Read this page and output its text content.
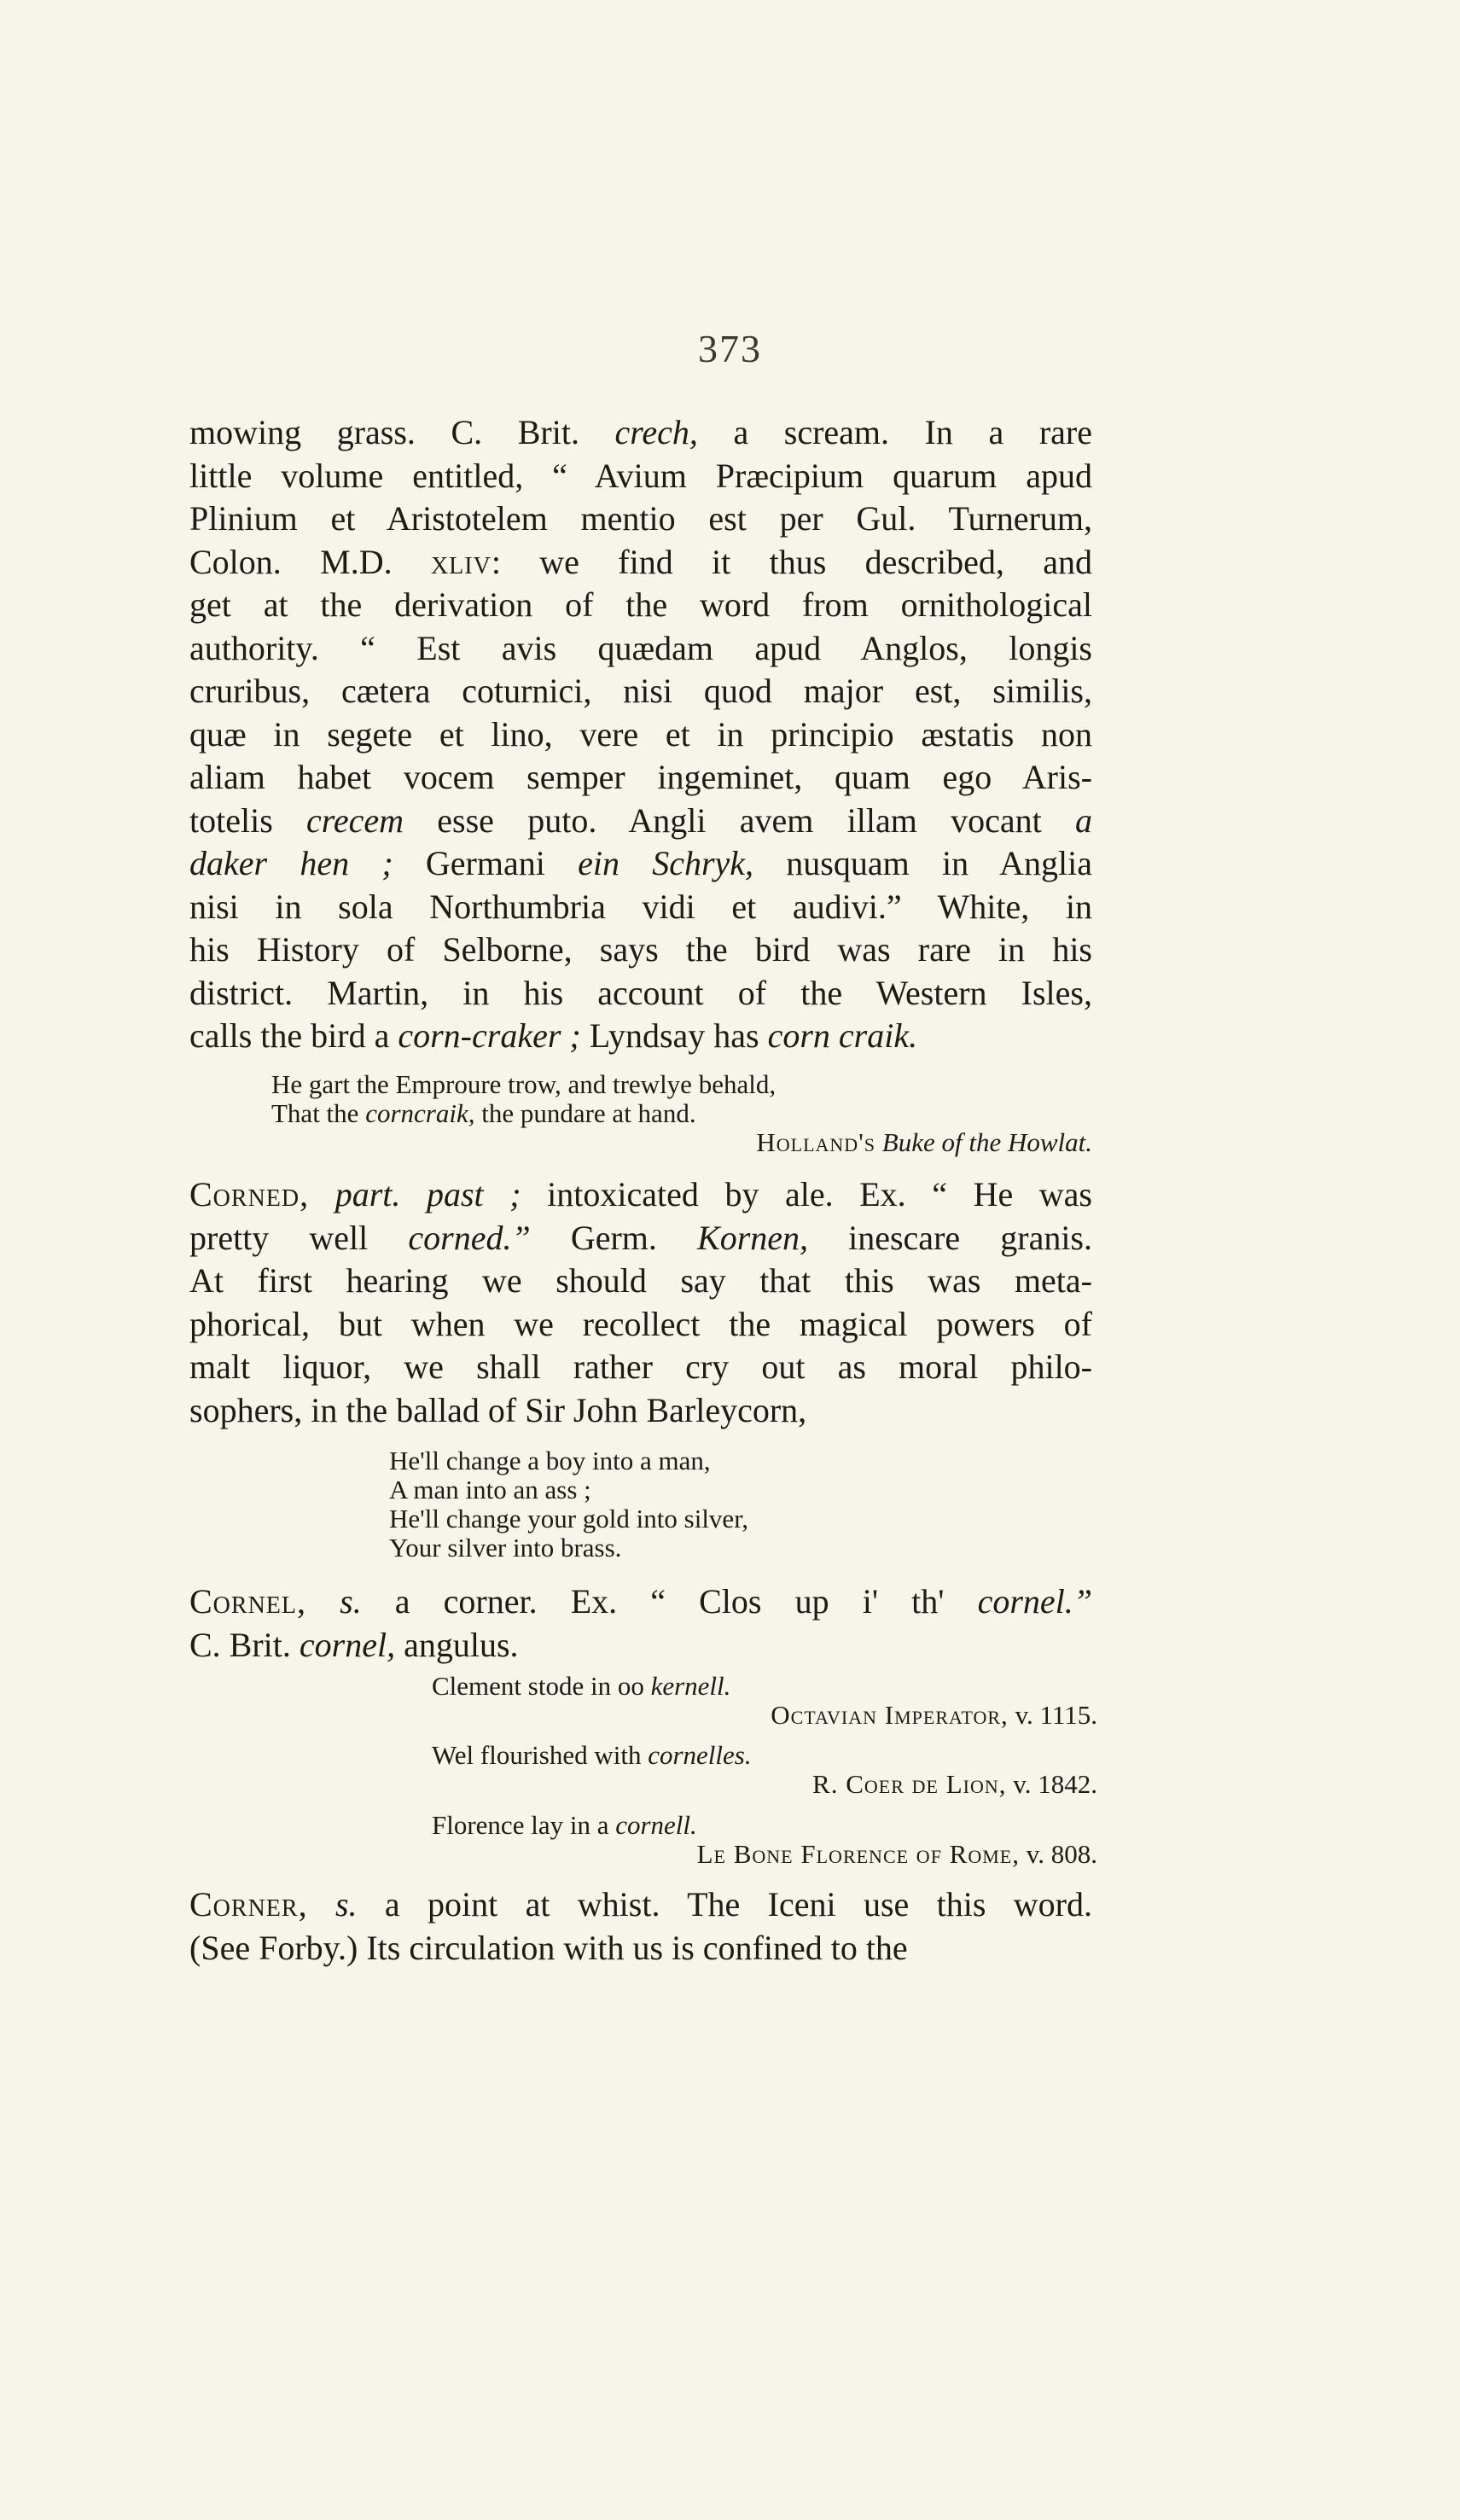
373

mowing grass. C. Brit. crech, a scream. In a rare

little volume entitled, “ Avium Præcipium quarum apud

Plinium et Aristotelem mentio est per Gul. Turnerum,

Colon. M.D. xliv: we find it thus described, and

get at the derivation of the word from ornithological

authority. “ Est avis quædam apud Anglos, longis

cruribus, cætera coturnici, nisi quod major est, similis,

quæ in segete et lino, vere et in principio æstatis non

aliam habet vocem semper ingeminet, quam ego Aris-

totelis crecem esse puto. Angli avem illam vocant a

daker hen ; Germani ein Schryk, nusquam in Anglia

nisi in sola Northumbria vidi et audivi.” White, in

his History of Selborne, says the bird was rare in his

district. Martin, in his account of the Western Isles,

calls the bird a corn-craker ; Lyndsay has corn craik.

He gart the Emproure trow, and trewlye behald,
That the corncraik, the pundare at hand.
Holland's Buke of the Howlat.

Corned, part. past ; intoxicated by ale. Ex. “ He was

pretty well corned.” Germ. Kornen, inescare granis.

At first hearing we should say that this was meta-

phorical, but when we recollect the magical powers of

malt liquor, we shall rather cry out as moral philo-

sophers, in the ballad of Sir John Barleycorn,

He'll change a boy into a man,
A man into an ass ;
He'll change your gold into silver,
Your silver into brass.

Cornel, s. a corner. Ex. “ Clos up i' th' cornel.”

C. Brit. cornel, angulus.

Clement stode in oo kernell.
Octavian Imperator, v. 1115.
Wel flourished with cornelles.
R. Coer de Lion, v. 1842.
Florence lay in a cornell.
Le Bone Florence of Rome, v. 808.

Corner, s. a point at whist. The Iceni use this word.

(See Forby.) Its circulation with us is confined to the
